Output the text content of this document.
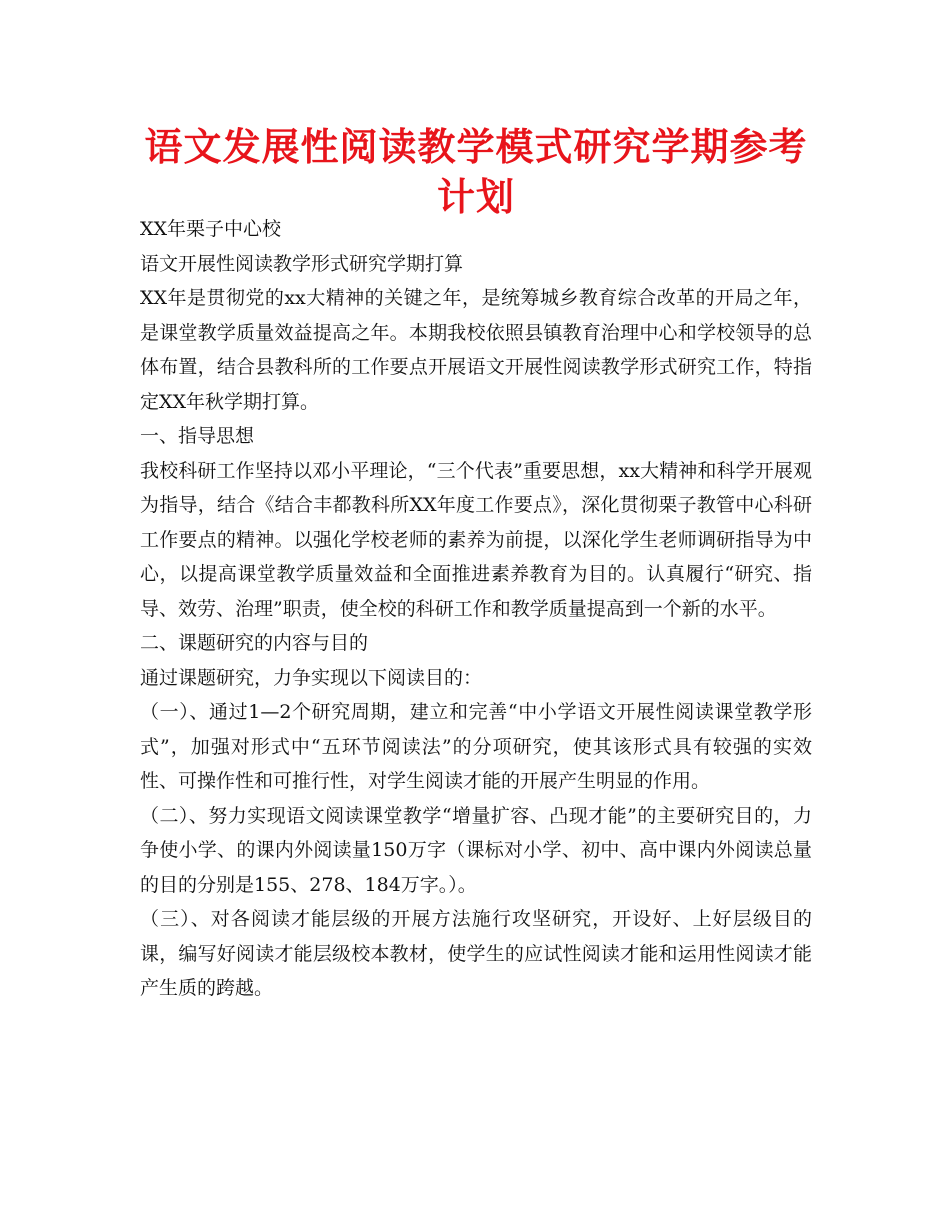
语文发展性阅读教学模式研究学期参考计划

XX年栗子中心校

语文开展性阅读教学形式研究学期打算

XX年是贯彻党的xx大精神的关键之年，是统筹城乡教育综合改革的开局之年，是课堂教学质量效益提高之年。本期我校依照县镇教育治理中心和学校领导的总体布置，结合县教科所的工作要点开展语文开展性阅读教学形式研究工作，特指定XX年秋学期打算。

一、指导思想

我校科研工作坚持以邓小平理论，“三个代表”重要思想，xx大精神和科学开展观为指导，结合《结合丰都教科所XX年度工作要点》，深化贯彻栗子教管中心科研工作要点的精神。以强化学校老师的素养为前提，以深化学生老师调研指导为中心，以提高课堂教学质量效益和全面推进素养教育为目的。认真履行“研究、指导、效劳、治理”职责，使全校的科研工作和教学质量提高到一个新的水平。

二、课题研究的内容与目的

通过课题研究，力争实现以下阅读目的：

（一）、通过1—2个研究周期，建立和完善“中小学语文开展性阅读课堂教学形式”，加强对形式中“五环节阅读法”的分项研究，使其该形式具有较强的实效性、可操作性和可推行性，对学生阅读才能的开展产生明显的作用。

（二）、努力实现语文阅读课堂教学“增量扩容、凸现才能”的主要研究目的，力争使小学、的课内外阅读量150万字（课标对小学、初中、高中课内外阅读总量的目的分别是155、278、184万字。）。

（三）、对各阅读才能层级的开展方法施行攻坚研究，开设好、上好层级目的课，编写好阅读才能层级校本教材，使学生的应试性阅读才能和运用性阅读才能产生质的跨越。
